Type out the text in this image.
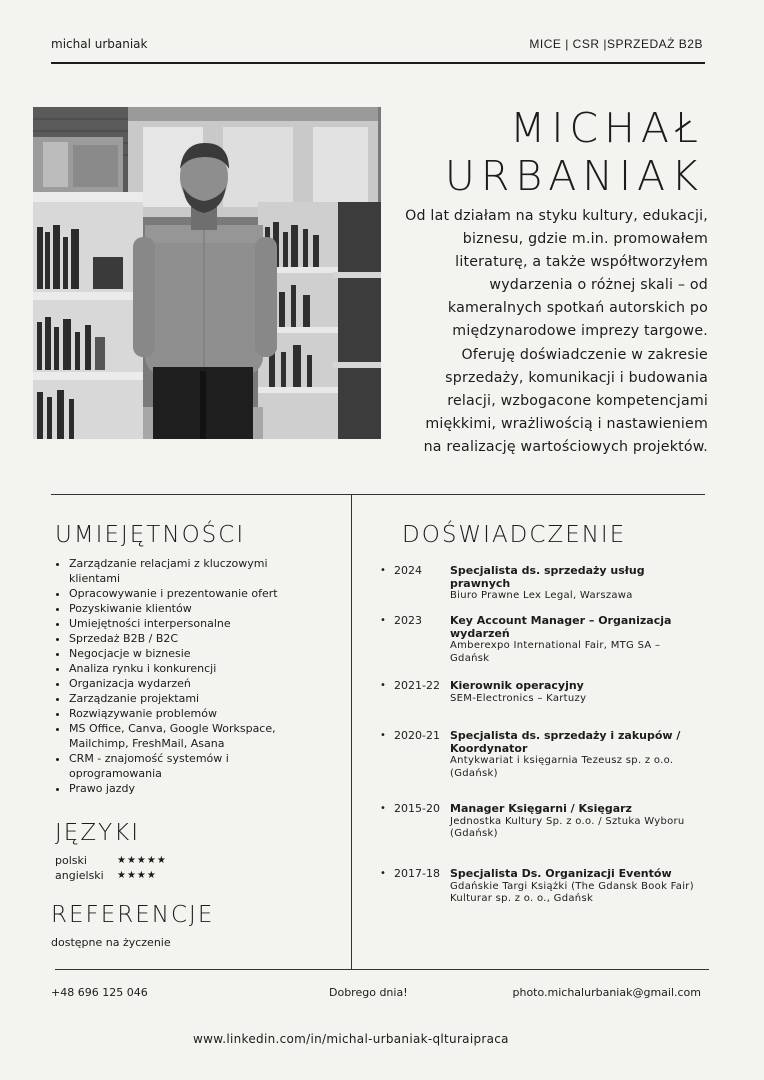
michal urbaniak	MICE | CSR |SPRZEDAŻ B2B
MICHAŁ
URBANIAK
Od lat działam na styku kultury, edukacji, biznesu, gdzie m.in. promowałem literaturę, a także współtworzyłem wydarzenia o różnej skali – od kameralnych spotkań autorskich po międzynarodowe imprezy targowe. Oferuję doświadczenie w zakresie sprzedaży, komunikacji i budowania relacji, wzbogacone kompetencjami miękkimi, wrażliwością i nastawieniem na realizację wartościowych projektów.
UMIEJĘTNOŚCI
• Zarządzanie relacjami z kluczowymi klientami
• Opracowywanie i prezentowanie ofert
• Pozyskiwanie klientów
• Umiejętności interpersonalne
• Sprzedaż B2B / B2C
• Negocjacje w biznesie
• Analiza rynku i konkurencji
• Organizacja wydarzeń
• Zarządzanie projektami
• Rozwiązywanie problemów
• MS Office, Canva, Google Workspace, Mailchimp, FreshMail, Asana
• CRM - znajomość systemów i oprogramowania
• Prawo jazdy
JĘZYKI
polski	★★★★★
angielski	★★★★
REFERENCJE
dostępne na życzenie
DOŚWIADCZENIE
• 2024	Specjalista ds. sprzedaży usług prawnych
Biuro Prawne Lex Legal, Warszawa
• 2023	Key Account Manager – Organizacja wydarzeń
Amberexpo International Fair, MTG SA – Gdańsk
• 2021-22 Kierownik operacyjny
SEM-Electronics – Kartuzy
• 2020-21 Specjalista ds. sprzedaży i zakupów / Koordynator
Antykwariat i księgarnia Tezeusz sp. z o.o. (Gdańsk)
• 2015-20 Manager Księgarni / Księgarz
Jednostka Kultury Sp. z o.o. / Sztuka Wyboru (Gdańsk)
• 2017-18 Specjalista Ds. Organizacji Eventów
Gdańskie Targi Książki (The Gdansk Book Fair) Kulturar sp. z o. o., Gdańsk
+48 696 125 046	Dobrego dnia!	photo.michalurbaniak@gmail.com
www.linkedin.com/in/michal-urbaniak-qlturaipraca
